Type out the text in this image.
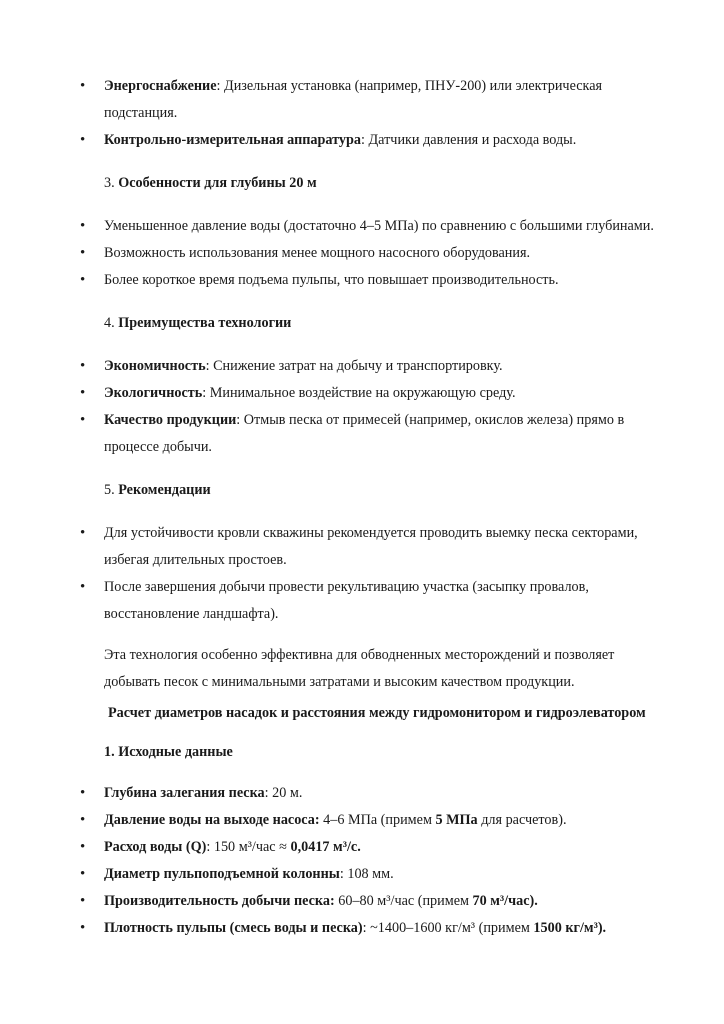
• Энергоснабжение: Дизельная установка (например, ПНУ-200) или электрическая подстанция.
• Контрольно-измерительная аппаратура: Датчики давления и расхода воды.

3. Особенности для глубины 20 м

• Уменьшенное давление воды (достаточно 4–5 МПа) по сравнению с большими глубинами.
• Возможность использования менее мощного насосного оборудования.
• Более короткое время подъема пульпы, что повышает производительность.

4. Преимущества технологии

• Экономичность: Снижение затрат на добычу и транспортировку.
• Экологичность: Минимальное воздействие на окружающую среду.
• Качество продукции: Отмыв песка от примесей (например, окислов железа) прямо в процессе добычи.

5. Рекомендации

• Для устойчивости кровли скважины рекомендуется проводить выемку песка секторами, избегая длительных простоев.
• После завершения добычи провести рекультивацию участка (засыпку провалов, восстановление ландшафта).

Эта технология особенно эффективна для обводненных месторождений и позволяет добывать песок с минимальными затратами и высоким качеством продукции.

Расчет диаметров насадок и расстояния между гидромонитором и гидроэлеватором

1. Исходные данные

• Глубина залегания песка: 20 м.
• Давление воды на выходе насоса: 4–6 МПа (примем 5 МПа для расчетов).
• Расход воды (Q): 150 м³/час ≈ 0,0417 м³/с.
• Диаметр пульпоподъемной колонны: 108 мм.
• Производительность добычи песка: 60–80 м³/час (примем 70 м³/час).
• Плотность пульпы (смесь воды и песка): ~1400–1600 кг/м³ (примем 1500 кг/м³).
